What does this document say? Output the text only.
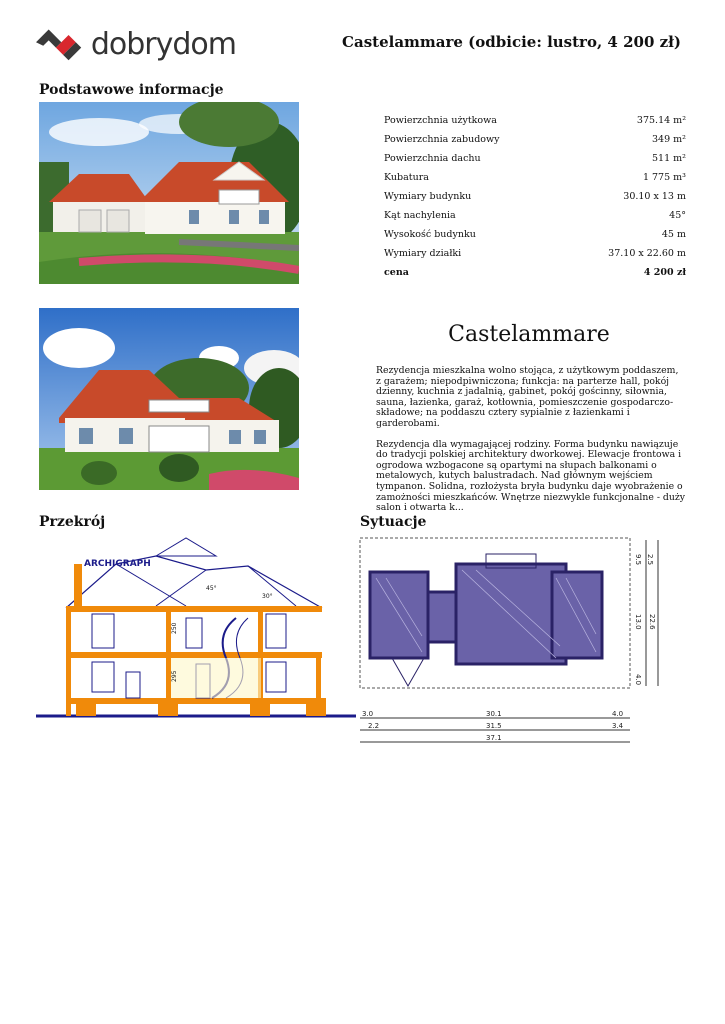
dobrydom	Castelammare (odbicie: lustro, 4 200 zł)
Podstawowe informacje
Powierzchnia użytkowa	375.14 m²
Powierzchnia zabudowy	349 m²
Powierzchnia dachu	511 m²
Kubatura	1 775 m³
Wymiary budynku	30.10 x 13 m
Kąt nachylenia	45°
Wysokość budynku	45 m
Wymiary działki	37.10 x 22.60 m
cena	4 200 zł
Castelammare

Rezydencja mieszkalna wolno stojąca, z użytkowym poddaszem, z garażem; niepodpiwniczona; funkcja: na parterze hall, pokój dzienny, kuchnia z jadalnią, gabinet, pokój gościnny, siłownia, sauna, łazienka, garaż, kotłownia, pomieszczenie gospodarczo-składowe; na poddaszu cztery sypialnie z łazienkami i garderobami.

Rezydencja dla wymagającej rodziny. Forma budynku nawiązuje do tradycji polskiej architektury dworkowej. Elewacje frontowa i ogrodowa wzbogacone są opartymi na słupach balkonami o metalowych, kutych balustradach. Nad głównym wejściem tympanon. Solidna, rozłożysta bryła budynku daje wyobrażenie o zamożności mieszkańców. Wnętrze niezwykle funkcjonalne - duży salon i otwarta k...

Przekrój	Sytuacje
ARCHIGRAPH
45°
30°
250
295
2.5
9.5
13.0 22.6
4.0
3.0	30.1	4.0
2.2	31.5	3.4
37.1
